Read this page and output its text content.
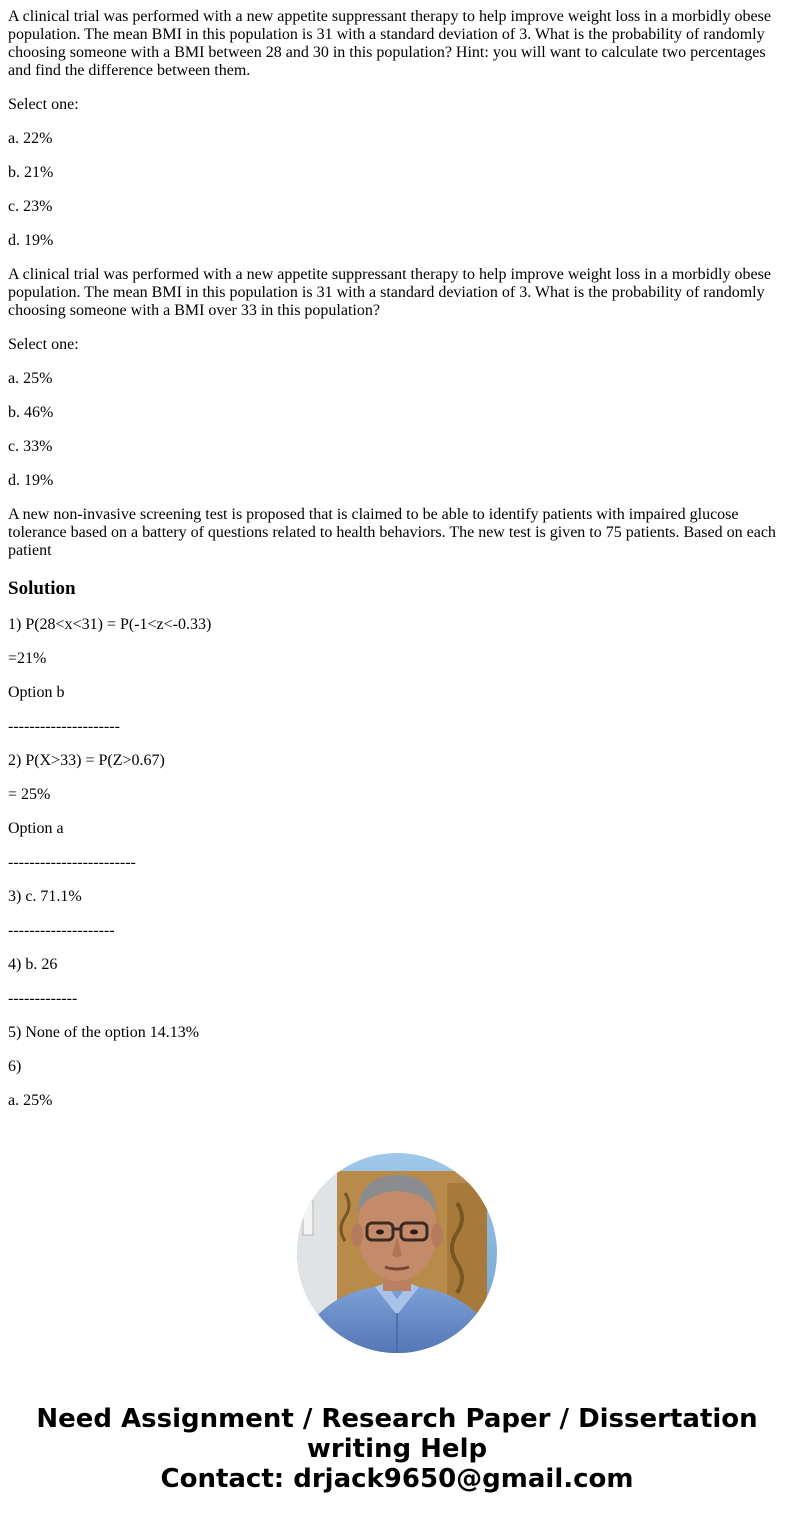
A clinical trial was performed with a new appetite suppressant therapy to help improve weight loss in a morbidly obese population. The mean BMI in this population is 31 with a standard deviation of 3. What is the probability of randomly choosing someone with a BMI between 28 and 30 in this population? Hint: you will want to calculate two percentages and find the difference between them.

Select one:

a. 22%

b. 21%

c. 23%

d. 19%

A clinical trial was performed with a new appetite suppressant therapy to help improve weight loss in a morbidly obese population. The mean BMI in this population is 31 with a standard deviation of 3. What is the probability of randomly choosing someone with a BMI over 33 in this population?

Select one:

a. 25%

b. 46%

c. 33%

d. 19%

A new non-invasive screening test is proposed that is claimed to be able to identify patients with impaired glucose tolerance based on a battery of questions related to health behaviors. The new test is given to 75 patients. Based on each patient

Solution

1) P(28<x<31) = P(-1<z<-0.33)

=21%

Option b

---------------------

2) P(X>33) = P(Z>0.67)

= 25%

Option a

------------------------

3) c. 71.1%

--------------------

4) b. 26

-------------

5) None of the option 14.13%

6)

a. 25%

Need Assignment / Research Paper / Dissertation
writing Help
Contact: drjack9650@gmail.com
